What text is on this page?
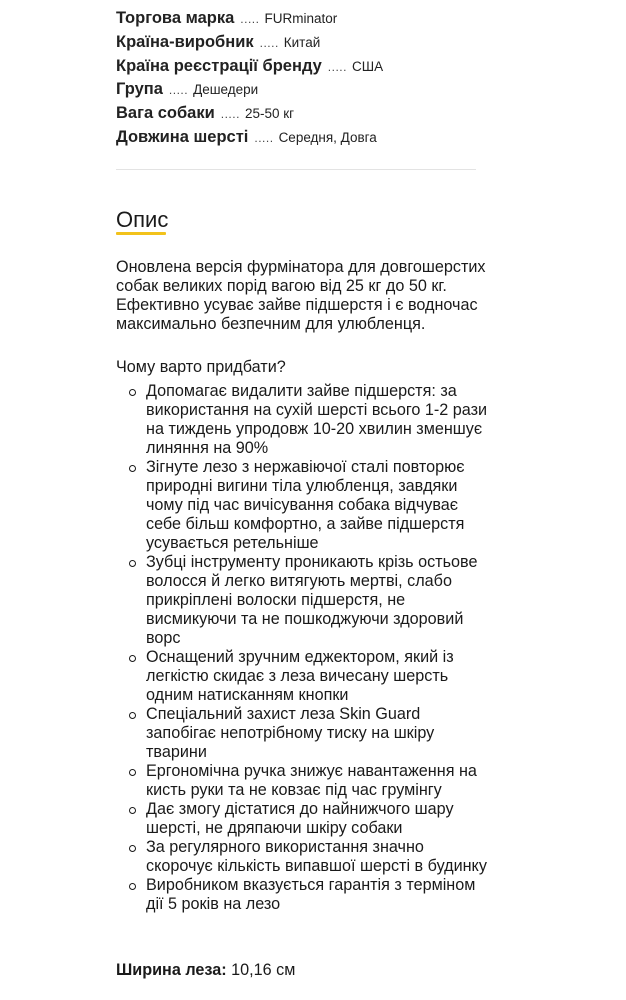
Торгова марка ..... FURminator
Країна-виробник ..... Китай
Країна реєстрації бренду ..... США
Група ..... Дешедери
Вага собаки ..... 25-50 кг
Довжина шерсті ..... Середня, Довга
Опис

Оновлена версія фурмінатора для довгошерстих собак великих порід вагою від 25 кг до 50 кг. Ефективно усуває зайве підшерстя і є водночас максимально безпечним для улюбленця.

Чому варто придбати?

Допомагає видалити зайве підшерстя: за використання на сухій шерсті всього 1-2 рази на тиждень упродовж 10-20 хвилин зменшує линяння на 90%
Зігнуте лезо з нержавіючої сталі повторює природні вигини тіла улюбленця, завдяки чому під час вичісування собака відчуває себе більш комфортно, а зайве підшерстя усувається ретельніше
Зубці інструменту проникають крізь остьове волосся й легко витягують мертві, слабо прикріплені волоски підшерстя, не висмикуючи та не пошкоджуючи здоровий ворс
Оснащений зручним еджектором, який із легкістю скидає з леза вичесану шерсть одним натисканням кнопки
Спеціальний захист леза Skin Guard запобігає непотрібному тиску на шкіру тварини
Ергономічна ручка знижує навантаження на кисть руки та не ковзає під час грумінгу
Дає змогу дістатися до найнижчого шару шерсті, не дряпаючи шкіру собаки
За регулярного використання значно скорочує кількість випавшої шерсті в будинку
Виробником вказується гарантія з терміном дії 5 років на лезо

Ширина леза: 10,16 см
